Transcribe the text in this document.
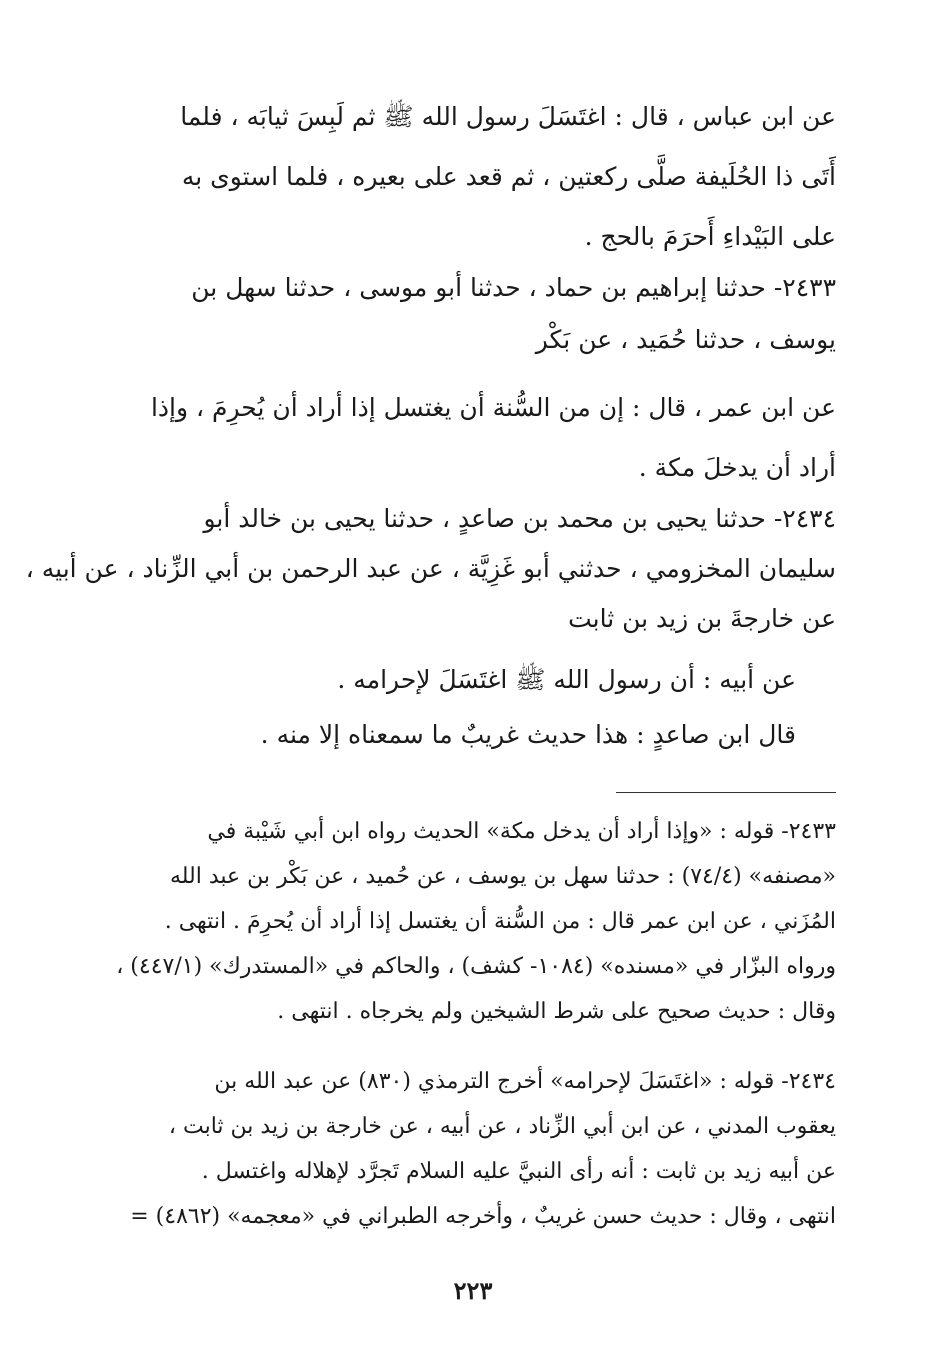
عن ابن عباس ، قال : اغتَسَلَ رسول الله ﷺ ثم لَبِسَ ثيابَه ، فلما
أَتَى ذا الحُلَيفة صلَّى ركعتين ، ثم قعد على بعيره ، فلما استوى به
على البَيْداءِ أَحرَمَ بالحج .
٢٤٣٣- حدثنا إبراهيم بن حماد ، حدثنا أبو موسى ، حدثنا سهل بن
يوسف ، حدثنا حُمَيد ، عن بَكْر
عن ابن عمر ، قال : إن من السُّنة أن يغتسل إذا أراد أن يُحرِمَ ، وإذا
أراد أن يدخلَ مكة .
٢٤٣٤- حدثنا يحيى بن محمد بن صاعدٍ ، حدثنا يحيى بن خالد أبو
سليمان المخزومي ، حدثني أبو غَزِيَّة ، عن عبد الرحمن بن أبي الزِّناد ، عن أبيه ،
عن خارجةَ بن زيد بن ثابت
عن أبيه : أن رسول الله ﷺ اغتَسَلَ لإحرامه .
قال ابن صاعدٍ : هذا حديث غريبٌ ما سمعناه إلا منه .
٢٤٣٣- قوله : «وإذا أراد أن يدخل مكة» الحديث رواه ابن أبي شَيْبة في
«مصنفه» (٧٤/٤) : حدثنا سهل بن يوسف ، عن حُميد ، عن بَكْر بن عبد الله
المُزَني ، عن ابن عمر قال : من السُّنة أن يغتسل إذا أراد أن يُحرِمَ . انتهى .
ورواه البزّار في «مسنده» (١٠٨٤- كشف) ، والحاكم في «المستدرك» (٤٤٧/١) ،
وقال : حديث صحيح على شرط الشيخين ولم يخرجاه . انتهى .
٢٤٣٤- قوله : «اغتَسَلَ لإحرامه» أخرج الترمذي (٨٣٠) عن عبد الله بن
يعقوب المدني ، عن ابن أبي الزِّناد ، عن أبيه ، عن خارجة بن زيد بن ثابت ،
عن أبيه زيد بن ثابت : أنه رأى النبيَّ عليه السلام تَجرَّد لإهلاله واغتسل .
انتهى ، وقال : حديث حسن غريبٌ ، وأخرجه الطبراني في «معجمه» (٤٨٦٢) =
٢٢٣
